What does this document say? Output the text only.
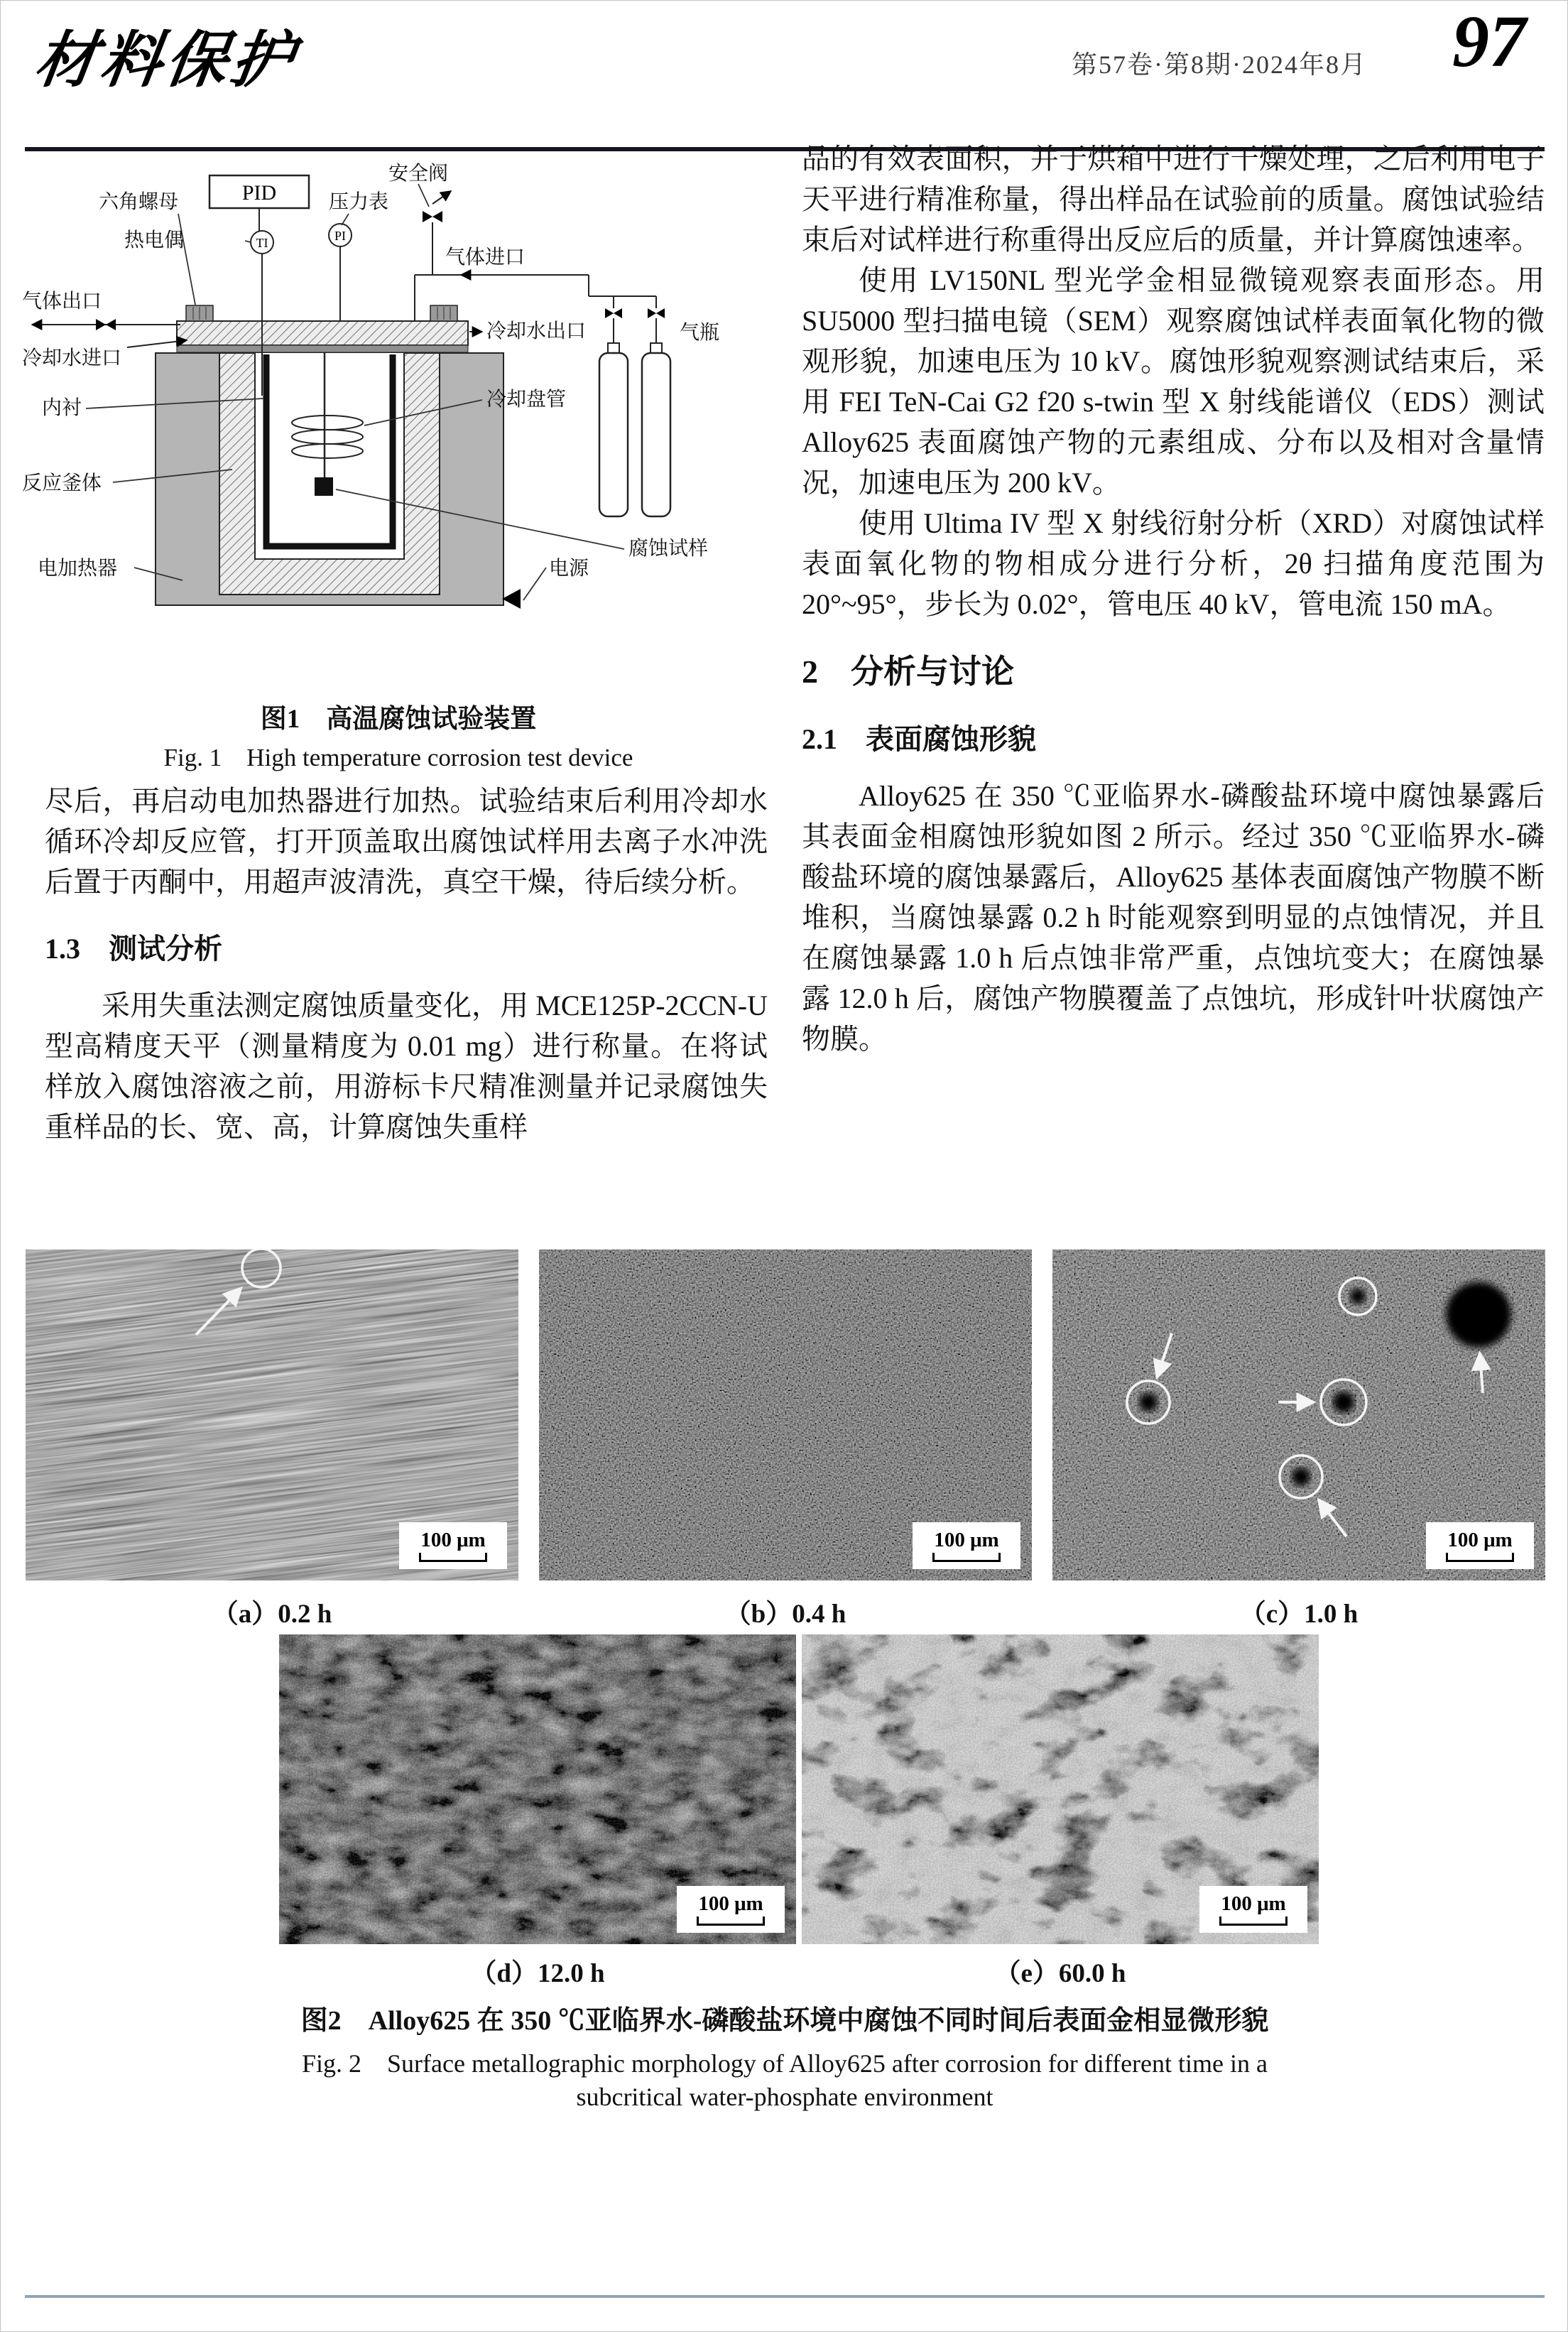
材料保护	第57卷·第8期·2024年8月 97
PID
TI	PI
安全阀
压力表
六角螺母
热电偶
气体进口
气体出口
冷却水进口
冷却水出口
内衬	冷却盘管
反应釜体
腐蚀试样
电加热器	电源
气瓶
图1　高温腐蚀试验装置
Fig. 1　High temperature corrosion test device

尽后，再启动电加热器进行加热。试验结束后利用冷却水循环冷却反应管，打开顶盖取出腐蚀试样用去离子水冲洗后置于丙酮中，用超声波清洗，真空干燥，待后续分析。

1.3　测试分析

采用失重法测定腐蚀质量变化，用 MCE125P-2CCN-U 型高精度天平（测量精度为 0.01 mg）进行称量。在将试样放入腐蚀溶液之前，用游标卡尺精准测量并记录腐蚀失重样品的长、宽、高，计算腐蚀失重样

品的有效表面积，并于烘箱中进行干燥处理，之后利用电子天平进行精准称量，得出样品在试验前的质量。腐蚀试验结束后对试样进行称重得出反应后的质量，并计算腐蚀速率。

使用 LV150NL 型光学金相显微镜观察表面形态。用 SU5000 型扫描电镜（SEM）观察腐蚀试样表面氧化物的微观形貌，加速电压为 10 kV。腐蚀形貌观察测试结束后，采用 FEI TeN-Cai G2 f20 s-twin 型 X 射线能谱仪（EDS）测试 Alloy625 表面腐蚀产物的元素组成、分布以及相对含量情况，加速电压为 200 kV。

使用 Ultima IV 型 X 射线衍射分析（XRD）对腐蚀试样表面氧化物的物相成分进行分析，2θ 扫描角度范围为 20°~95°，步长为 0.02°，管电压 40 kV，管电流 150 mA。

2　分析与讨论
2.1　表面腐蚀形貌

Alloy625 在 350 ℃亚临界水-磷酸盐环境中腐蚀暴露后其表面金相腐蚀形貌如图 2 所示。经过 350 ℃亚临界水-磷酸盐环境的腐蚀暴露后，Alloy625 基体表面腐蚀产物膜不断堆积，当腐蚀暴露 0.2 h 时能观察到明显的点蚀情况，并且在腐蚀暴露 1.0 h 后点蚀非常严重，点蚀坑变大；在腐蚀暴露 12.0 h 后，腐蚀产物膜覆盖了点蚀坑，形成针叶状腐蚀产物膜。

100 μm	100 μm	100 μm
100 μm	100 μm
（a）0.2 h	（b）0.4 h	（c）1.0 h
（d）12.0 h	（e）60.0 h
图2　Alloy625 在 350 ℃亚临界水-磷酸盐环境中腐蚀不同时间后表面金相显微形貌
Fig. 2　Surface metallographic morphology of Alloy625 after corrosion for different time in a
subcritical water-phosphate environment
